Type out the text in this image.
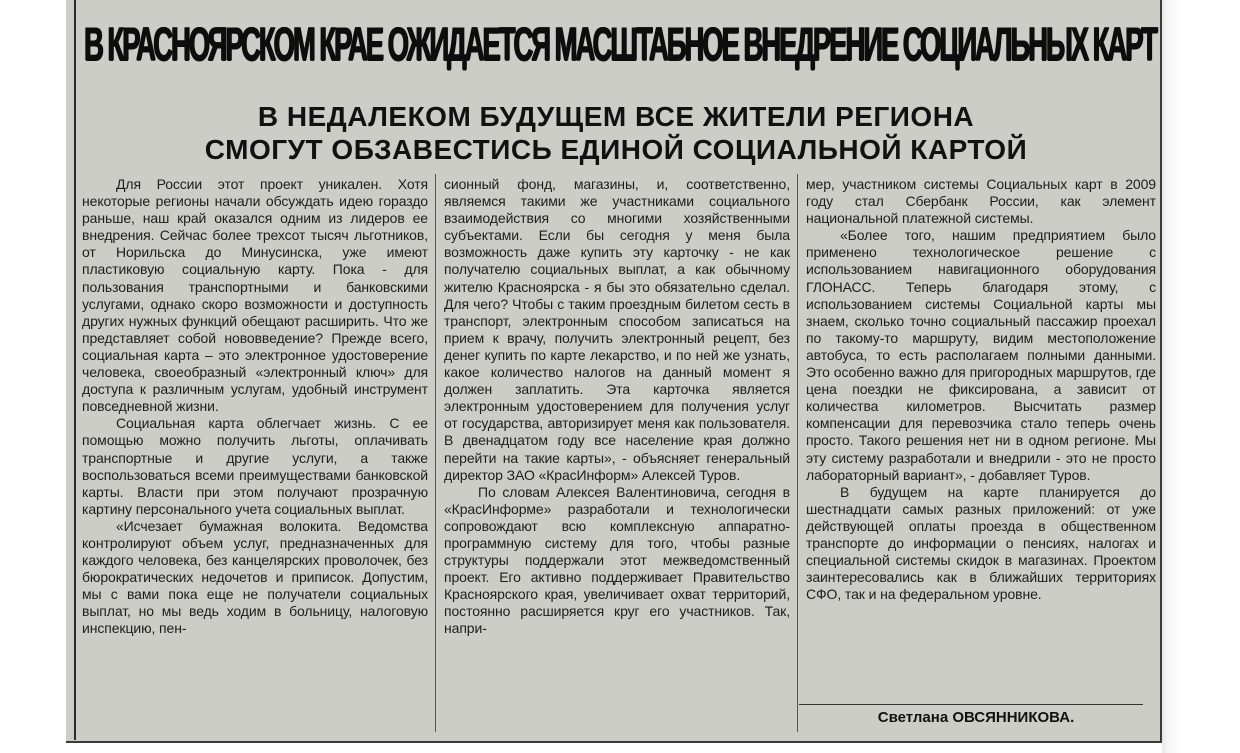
В КРАСНОЯРСКОМ КРАЕ ОЖИДАЕТСЯ МАСШТАБНОЕ ВНЕДРЕНИЕ СОЦИАЛЬНЫХ КАРТ
В НЕДАЛЕКОМ БУДУЩЕМ ВСЕ ЖИТЕЛИ РЕГИОНА
СМОГУТ ОБЗАВЕСТИСЬ ЕДИНОЙ СОЦИАЛЬНОЙ КАРТОЙ

Для России этот проект уникален. Хотя некоторые регионы начали обсуждать идею гораздо раньше, наш край оказался одним из лидеров ее внедрения. Сейчас более трехсот тысяч льготников, от Норильска до Минусинска, уже имеют пластиковую социальную карту. Пока - для пользования транспортными и банковскими услугами, однако скоро возможности и доступность других нужных функций обещают расширить. Что же представляет собой нововведение? Прежде всего, социальная карта – это электронное удостоверение человека, своеобразный «электронный ключ» для доступа к различным услугам, удобный инструмент повседневной жизни.

Социальная карта облегчает жизнь. С ее помощью можно получить льготы, оплачивать транспортные и другие услуги, а также воспользоваться всеми преимуществами банковской карты. Власти при этом получают прозрачную картину персонального учета социальных выплат.

«Исчезает бумажная волокита. Ведомства контролируют объем услуг, предназначенных для каждого человека, без канцелярских проволочек, без бюрократических недочетов и приписок. Допустим, мы с вами пока еще не получатели социальных выплат, но мы ведь ходим в больницу, налоговую инспекцию, пен-

сионный фонд, магазины, и, соответственно, являемся такими же участниками социального взаимодействия со многими хозяйственными субъектами. Если бы сегодня у меня была возможность даже купить эту карточку - не как получателю социальных выплат, а как обычному жителю Красноярска - я бы это обязательно сделал. Для чего? Чтобы с таким проездным билетом сесть в транспорт, электронным способом записаться на прием к врачу, получить электронный рецепт, без денег купить по карте лекарство, и по ней же узнать, какое количество налогов на данный момент я должен заплатить. Эта карточка является электронным удостоверением для получения услуг от государства, авторизирует меня как пользователя. В двенадцатом году все население края должно перейти на такие карты», - объясняет генеральный директор ЗАО «КрасИнформ» Алексей Туров.

По словам Алексея Валентиновича, сегодня в «КрасИнформе» разработали и технологически сопровождают всю комплексную аппаратно-программную систему для того, чтобы разные структуры поддержали этот межведомственный проект. Его активно поддерживает Правительство Красноярского края, увеличивает охват территорий, постоянно расширяется круг его участников. Так, напри-

мер, участником системы Социальных карт в 2009 году стал Сбербанк России, как элемент национальной платежной системы.

«Более того, нашим предприятием было применено технологическое решение с использованием навигационного оборудования ГЛОНАСС. Теперь благодаря этому, с использованием системы Социальной карты мы знаем, сколько точно социальный пассажир проехал по такому-то маршруту, видим местоположение автобуса, то есть располагаем полными данными. Это особенно важно для пригородных маршрутов, где цена поездки не фиксирована, а зависит от количества километров. Высчитать размер компенсации для перевозчика стало теперь очень просто. Такого решения нет ни в одном регионе. Мы эту систему разработали и внедрили - это не просто лабораторный вариант», - добавляет Туров.

В будущем на карте планируется до шестнадцати самых разных приложений: от уже действующей оплаты проезда в общественном транспорте до информации о пенсиях, налогах и специальной системы скидок в магазинах. Проектом заинтересовались как в ближайших территориях СФО, так и на федеральном уровне.

Светлана ОВСЯННИКОВА.
